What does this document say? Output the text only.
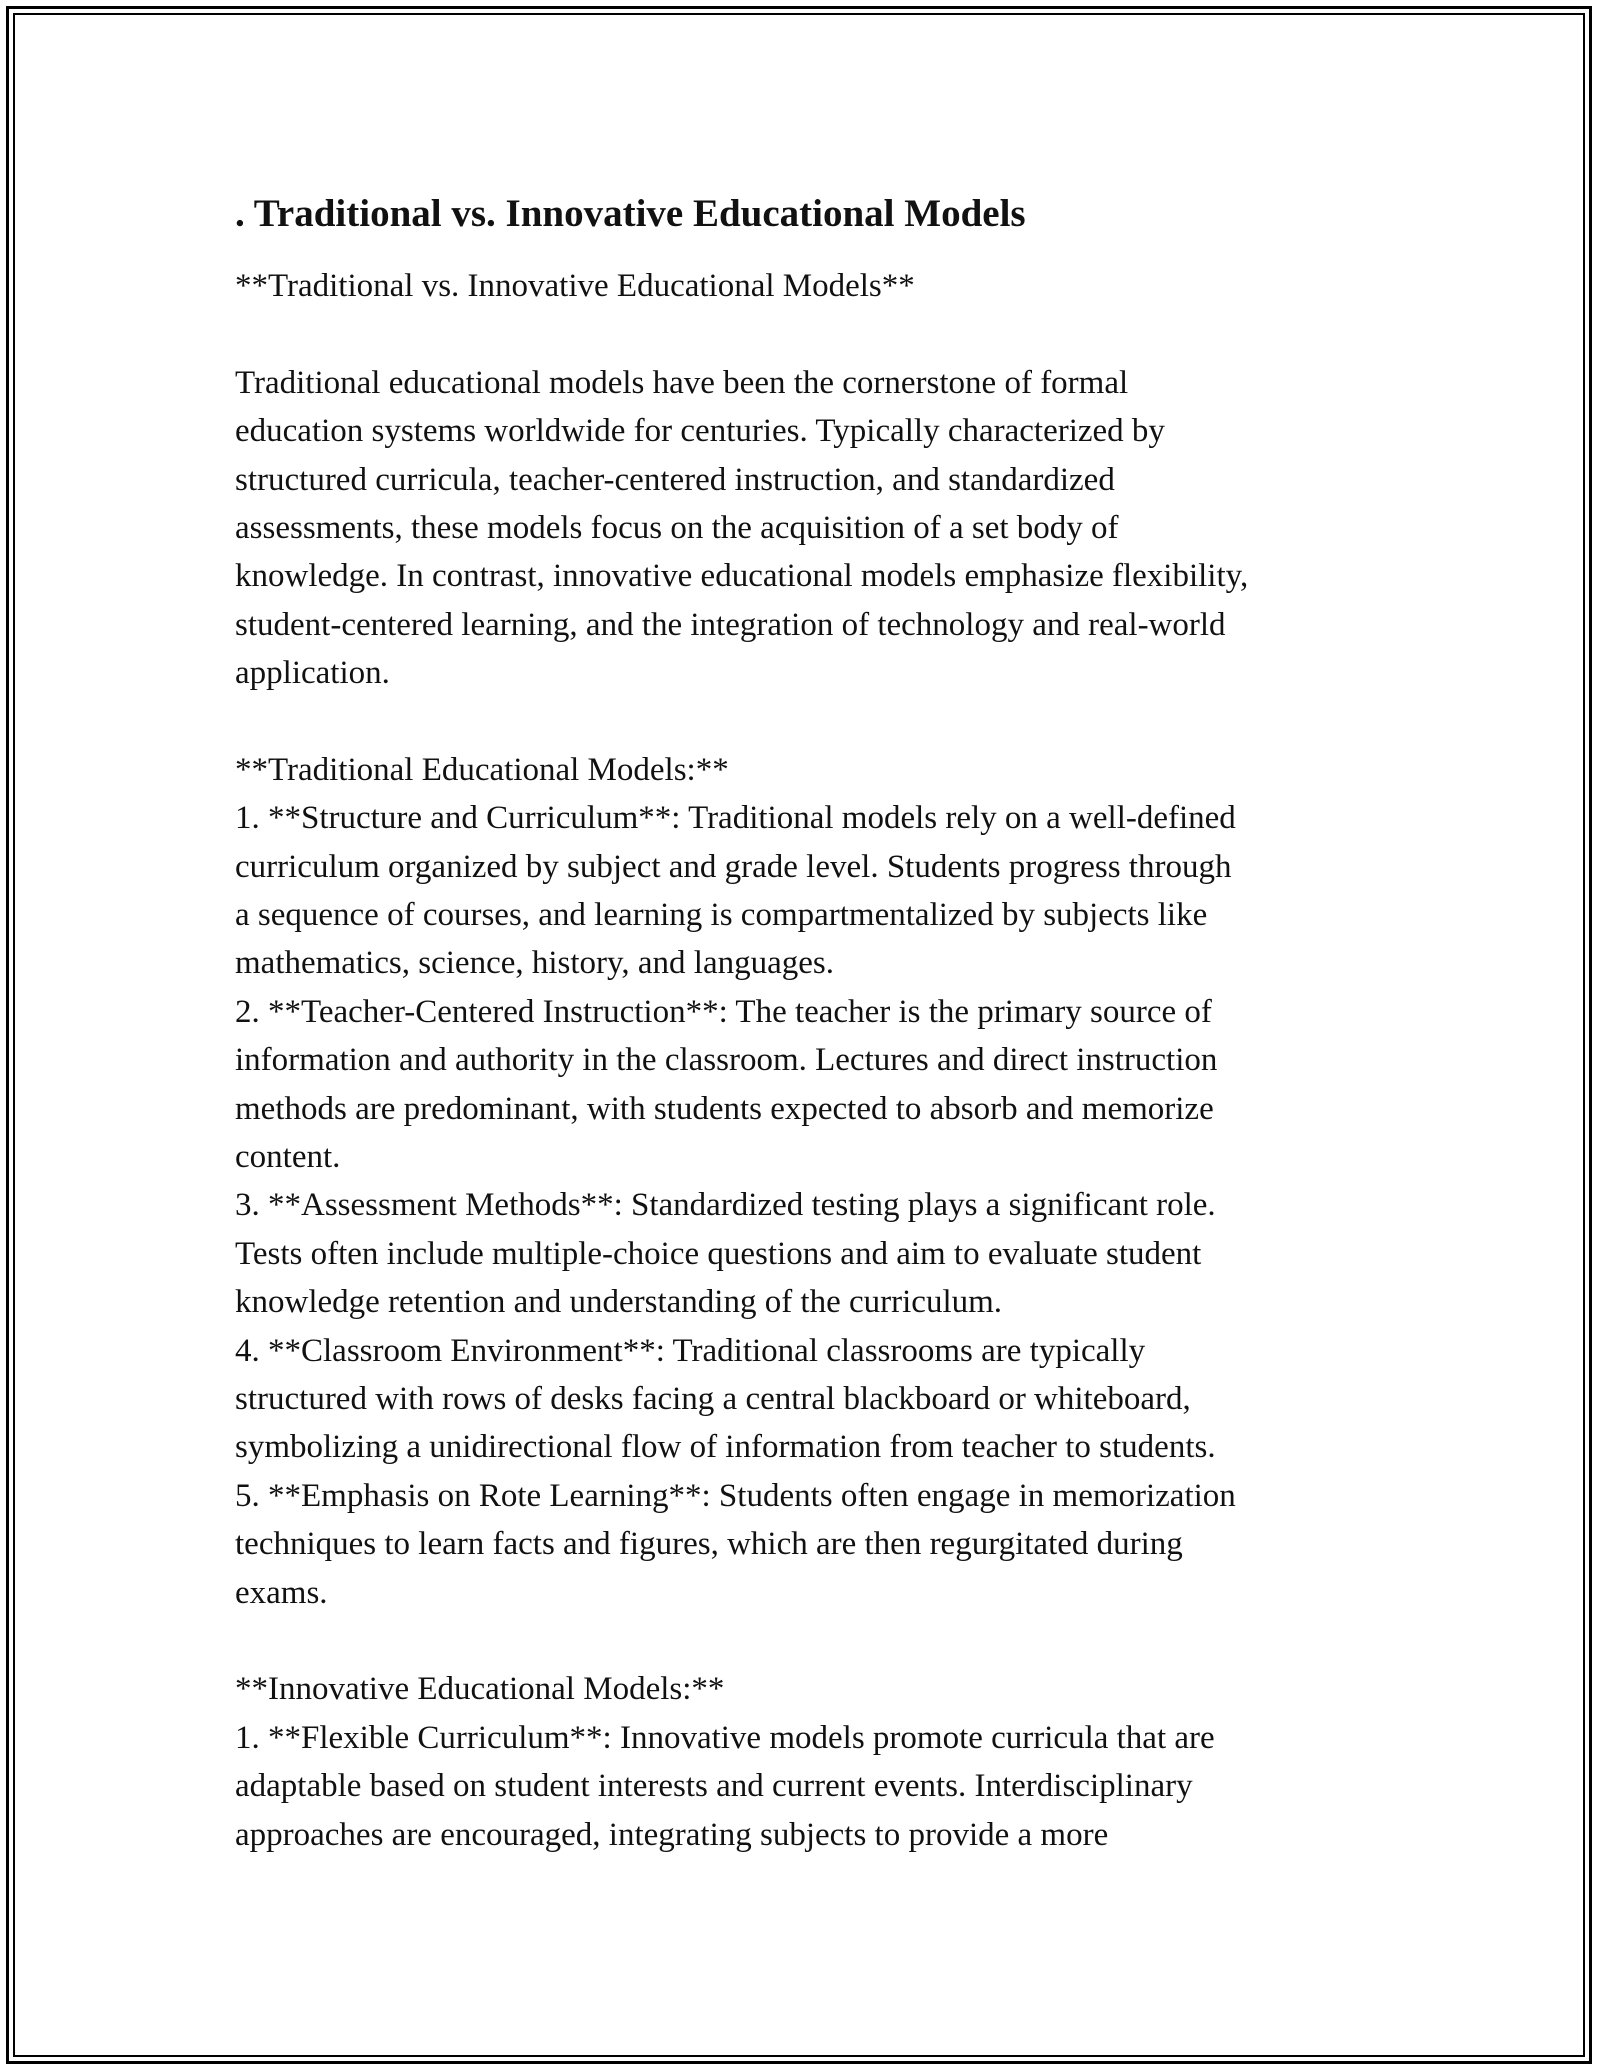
. Traditional vs. Innovative Educational Models
**Traditional vs. Innovative Educational Models**
Traditional educational models have been the cornerstone of formal
education systems worldwide for centuries. Typically characterized by
structured curricula, teacher-centered instruction, and standardized
assessments, these models focus on the acquisition of a set body of
knowledge. In contrast, innovative educational models emphasize flexibility,
student-centered learning, and the integration of technology and real-world
application.
**Traditional Educational Models:**
1. **Structure and Curriculum**: Traditional models rely on a well-defined
curriculum organized by subject and grade level. Students progress through
a sequence of courses, and learning is compartmentalized by subjects like
mathematics, science, history, and languages.
2. **Teacher-Centered Instruction**: The teacher is the primary source of
information and authority in the classroom. Lectures and direct instruction
methods are predominant, with students expected to absorb and memorize
content.
3. **Assessment Methods**: Standardized testing plays a significant role.
Tests often include multiple-choice questions and aim to evaluate student
knowledge retention and understanding of the curriculum.
4. **Classroom Environment**: Traditional classrooms are typically
structured with rows of desks facing a central blackboard or whiteboard,
symbolizing a unidirectional flow of information from teacher to students.
5. **Emphasis on Rote Learning**: Students often engage in memorization
techniques to learn facts and figures, which are then regurgitated during
exams.
**Innovative Educational Models:**
1. **Flexible Curriculum**: Innovative models promote curricula that are
adaptable based on student interests and current events. Interdisciplinary
approaches are encouraged, integrating subjects to provide a more
